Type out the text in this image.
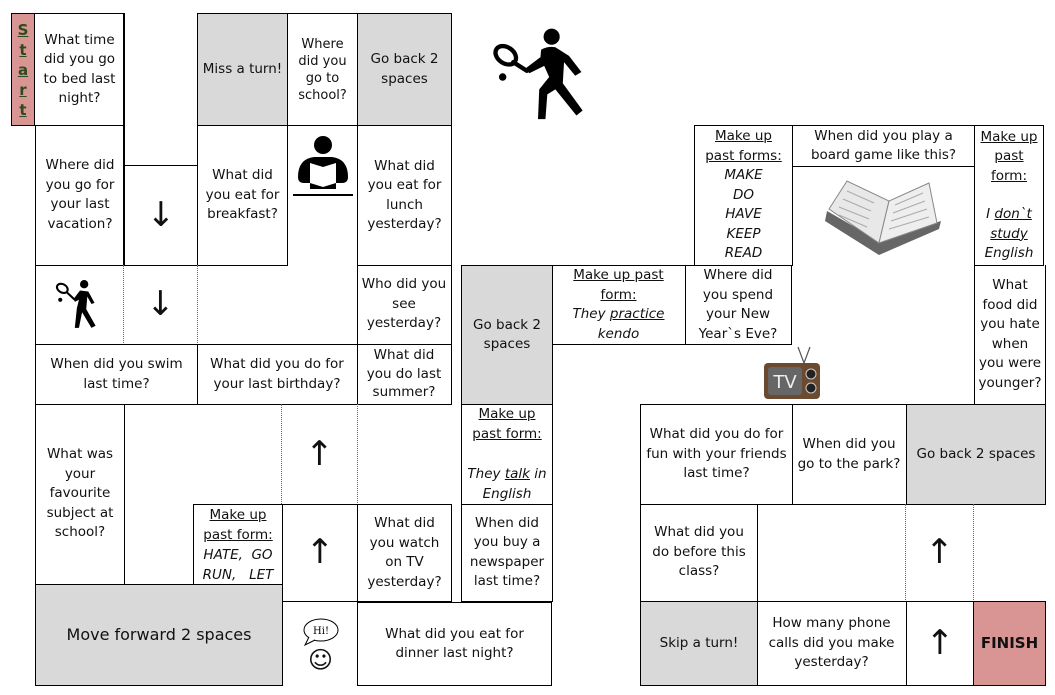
S
t
a
r
t
What time did you go to bed last night?
Miss a turn!
Where did you go to school?
Go back 2 spaces
Where did you go for your last vacation? ↓
What did you eat for breakfast?
What did you eat for lunch yesterday?
↓	Who did you see yesterday?
When did you swim last time?
What did you do for your last birthday?
What did you do last summer?
What was your favourite subject at school?
↑
Make up past form:
HATE,  GO
RUN,   LET
↑
What did you watch on TV yesterday?
Move forward 2 spaces	Hi!
☺
What did you eat for dinner last night?
Go back 2 spaces
Make up past form:
They talk in English
When did you buy a newspaper last time?
Make up past form:
They practice
kendo
Where did you spend your New Year`s Eve?
Make up past forms:
MAKE
DO
HAVE
KEEP
READ
When did you play a board game like this?
Make up
past
form:
I don`t
study
English
What food did you hate when you were younger?
TV
What did you do for fun with your friends last time?
When did you go to the park?
Go back 2 spaces
What did you do before this class?	↑
Skip a turn!
How many phone calls did you make yesterday?	↑ FINISH
